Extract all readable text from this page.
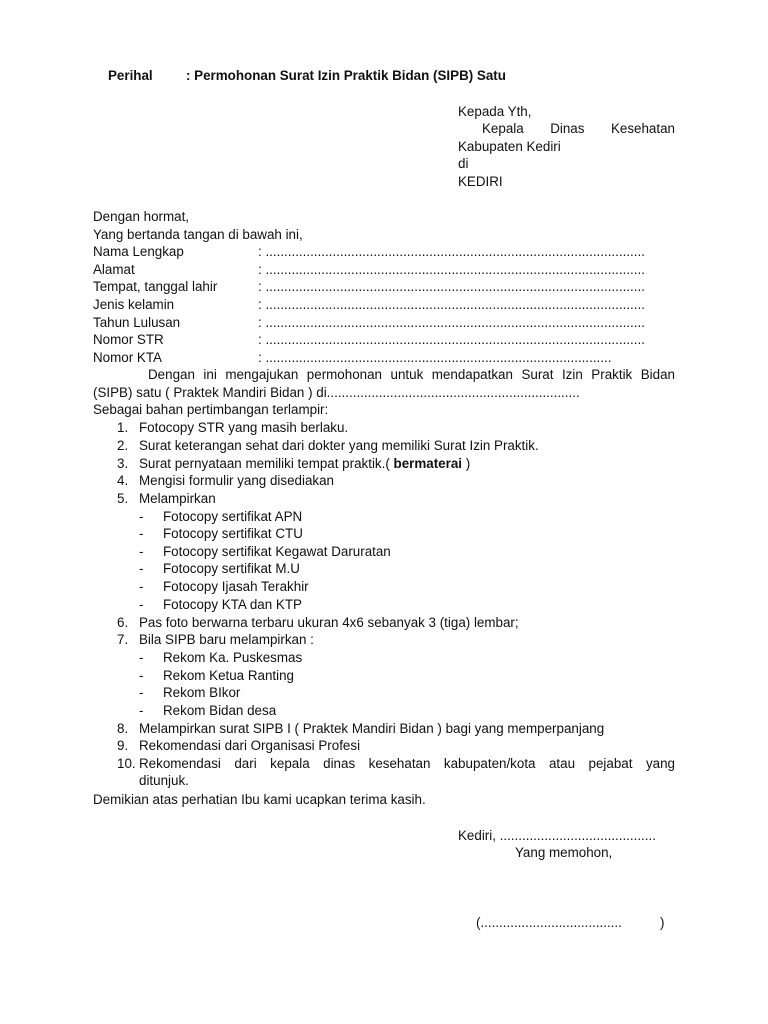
Perihal : Permohonan Surat Izin Praktik Bidan (SIPB) Satu
Kepada Yth,
Kepala Dinas Kesehatan
Kabupaten Kediri
di
KEDIRI
Dengan hormat,
Yang bertanda tangan di bawah ini,
Nama Lengkap	: ......................................................................................................
Alamat	: ......................................................................................................
Tempat, tanggal lahir	: ......................................................................................................
Jenis kelamin	: ......................................................................................................
Tahun Lulusan	: ......................................................................................................
Nomor STR	: ......................................................................................................
Nomor KTA	: .............................................................................................
Dengan ini mengajukan permohonan untuk mendapatkan Surat Izin Praktik Bidan
(SIPB) satu ( Praktek Mandiri Bidan ) di....................................................................
Sebagai bahan pertimbangan terlampir:
1. Fotocopy STR yang masih berlaku.
2. Surat keterangan sehat dari dokter yang memiliki Surat Izin Praktik.
3. Surat pernyataan memiliki tempat praktik.( bermaterai )
4. Mengisi formulir yang disediakan
5. Melampirkan
- Fotocopy sertifikat APN
- Fotocopy sertifikat CTU
- Fotocopy sertifikat Kegawat Daruratan
- Fotocopy sertifikat M.U
- Fotocopy Ijasah Terakhir
- Fotocopy KTA dan KTP
6. Pas foto berwarna terbaru ukuran 4x6 sebanyak 3 (tiga) lembar;
7. Bila SIPB baru melampirkan :
- Rekom Ka. Puskesmas
- Rekom Ketua Ranting
- Rekom BIkor
- Rekom Bidan desa
8. Melampirkan surat SIPB I ( Praktek Mandiri Bidan ) bagi yang memperpanjang
9. Rekomendasi dari Organisasi Profesi
10. Rekomendasi dari kepala dinas kesehatan kabupaten/kota atau pejabat yang
ditunjuk.
Demikian atas perhatian Ibu kami ucapkan terima kasih.
Kediri, ..........................................
Yang memohon,
(......................................	)
